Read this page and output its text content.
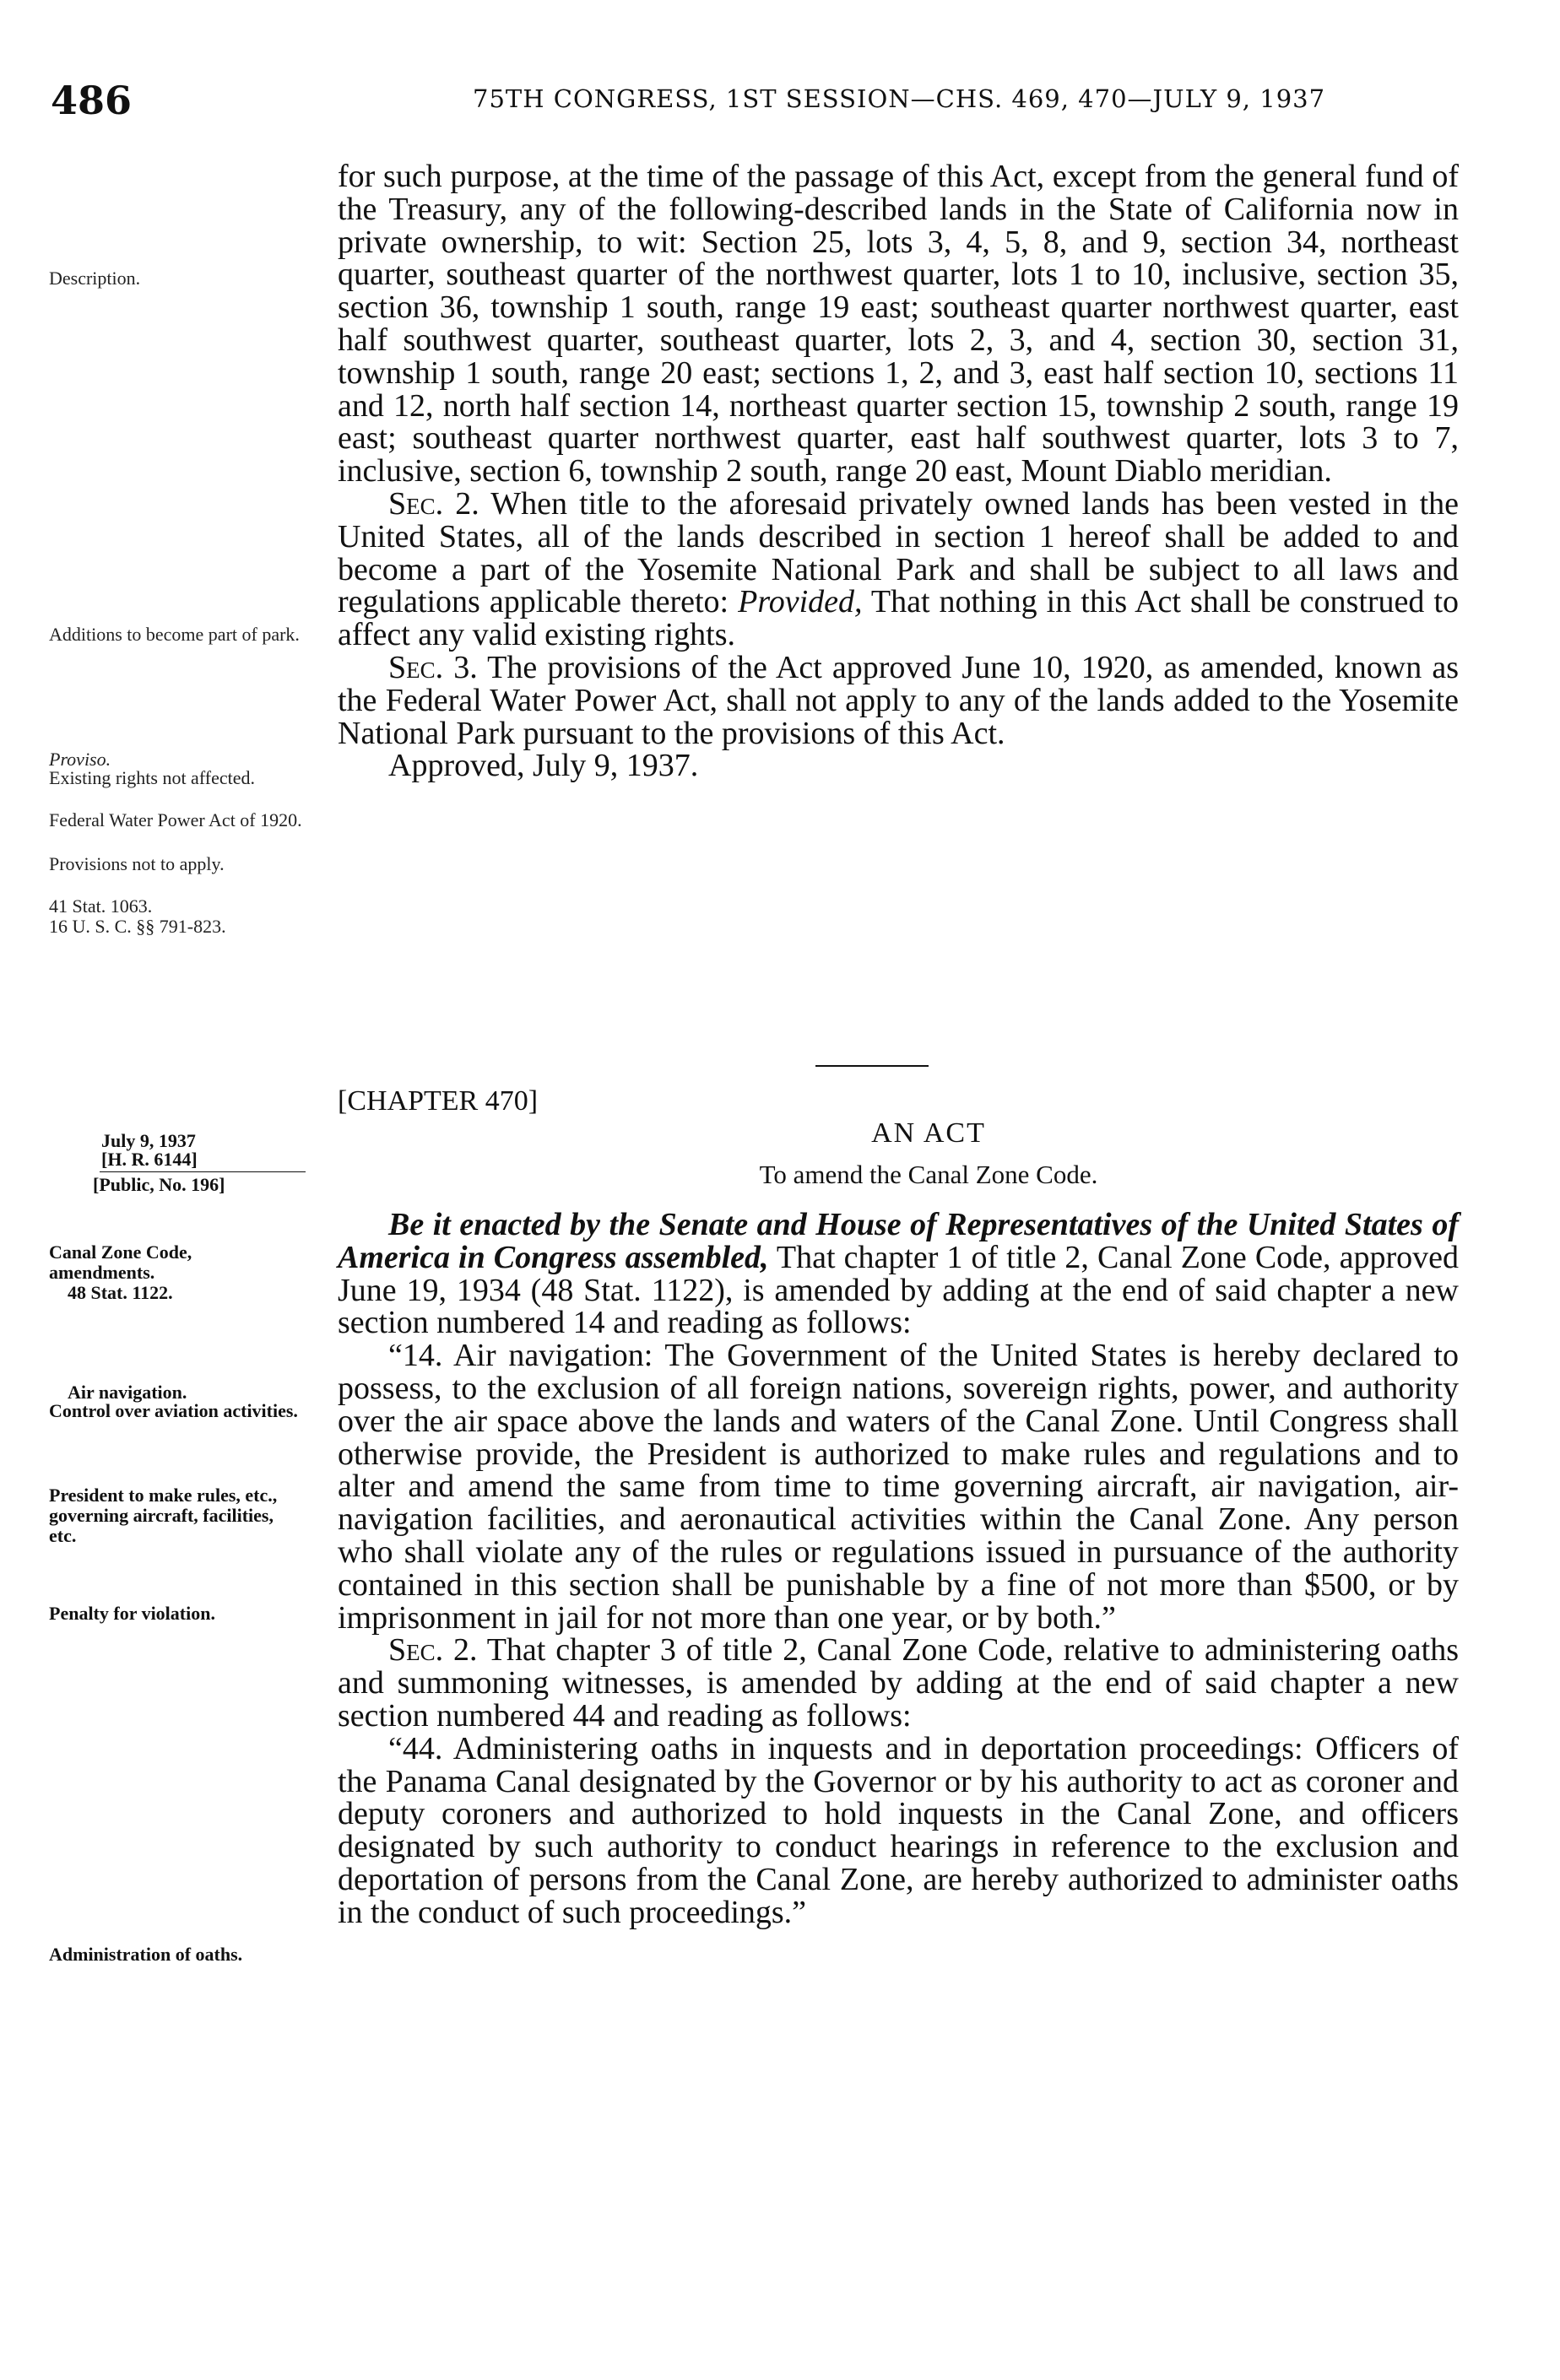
486	75TH CONGRESS, 1ST SESSION—CHS. 469, 470—JULY 9, 1937
Description.
Additions to become part of park.
Proviso.
Existing rights not affected.
Federal Water Power Act of 1920.
Provisions not to apply.
41 Stat. 1063.
16 U. S. C. §§ 791-823.
July 9, 1937
[H. R. 6144]
[Public, No. 196]
Canal Zone Code, amendments.
48 Stat. 1122.
Air navigation.
Control over aviation activities.
President to make rules, etc., governing aircraft, facilities, etc.
Penalty for violation.
Administration of oaths.

for such purpose, at the time of the passage of this Act, except from the general fund of the Treasury, any of the following-described lands in the State of California now in private ownership, to wit: Section 25, lots 3, 4, 5, 8, and 9, section 34, northeast quarter, southeast quarter of the northwest quarter, lots 1 to 10, inclusive, section 35, section 36, township 1 south, range 19 east; southeast quarter northwest quarter, east half southwest quarter, southeast quarter, lots 2, 3, and 4, section 30, section 31, township 1 south, range 20 east; sections 1, 2, and 3, east half section 10, sections 11 and 12, north half section 14, northeast quarter section 15, township 2 south, range 19 east; southeast quarter northwest quarter, east half southwest quarter, lots 3 to 7, inclusive, section 6, township 2 south, range 20 east, Mount Diablo meridian.

Sec. 2. When title to the aforesaid privately owned lands has been vested in the United States, all of the lands described in section 1 hereof shall be added to and become a part of the Yosemite National Park and shall be subject to all laws and regulations applicable thereto: Provided, That nothing in this Act shall be construed to affect any valid existing rights.

Sec. 3. The provisions of the Act approved June 10, 1920, as amended, known as the Federal Water Power Act, shall not apply to any of the lands added to the Yosemite National Park pursuant to the provisions of this Act.

Approved, July 9, 1937.

[CHAPTER 470]
AN ACT
To amend the Canal Zone Code.

Be it enacted by the Senate and House of Representatives of the United States of America in Congress assembled, That chapter 1 of title 2, Canal Zone Code, approved June 19, 1934 (48 Stat. 1122), is amended by adding at the end of said chapter a new section numbered 14 and reading as follows:

“14. Air navigation: The Government of the United States is hereby declared to possess, to the exclusion of all foreign nations, sovereign rights, power, and authority over the air space above the lands and waters of the Canal Zone. Until Congress shall otherwise provide, the President is authorized to make rules and regulations and to alter and amend the same from time to time governing aircraft, air navigation, air-navigation facilities, and aeronautical activities within the Canal Zone. Any person who shall violate any of the rules or regulations issued in pursuance of the authority contained in this section shall be punishable by a fine of not more than $500, or by imprisonment in jail for not more than one year, or by both.”

Sec. 2. That chapter 3 of title 2, Canal Zone Code, relative to administering oaths and summoning witnesses, is amended by adding at the end of said chapter a new section numbered 44 and reading as follows:

“44. Administering oaths in inquests and in deportation proceedings: Officers of the Panama Canal designated by the Governor or by his authority to act as coroner and deputy coroners and authorized to hold inquests in the Canal Zone, and officers designated by such authority to conduct hearings in reference to the exclusion and deportation of persons from the Canal Zone, are hereby authorized to administer oaths in the conduct of such proceedings.”
